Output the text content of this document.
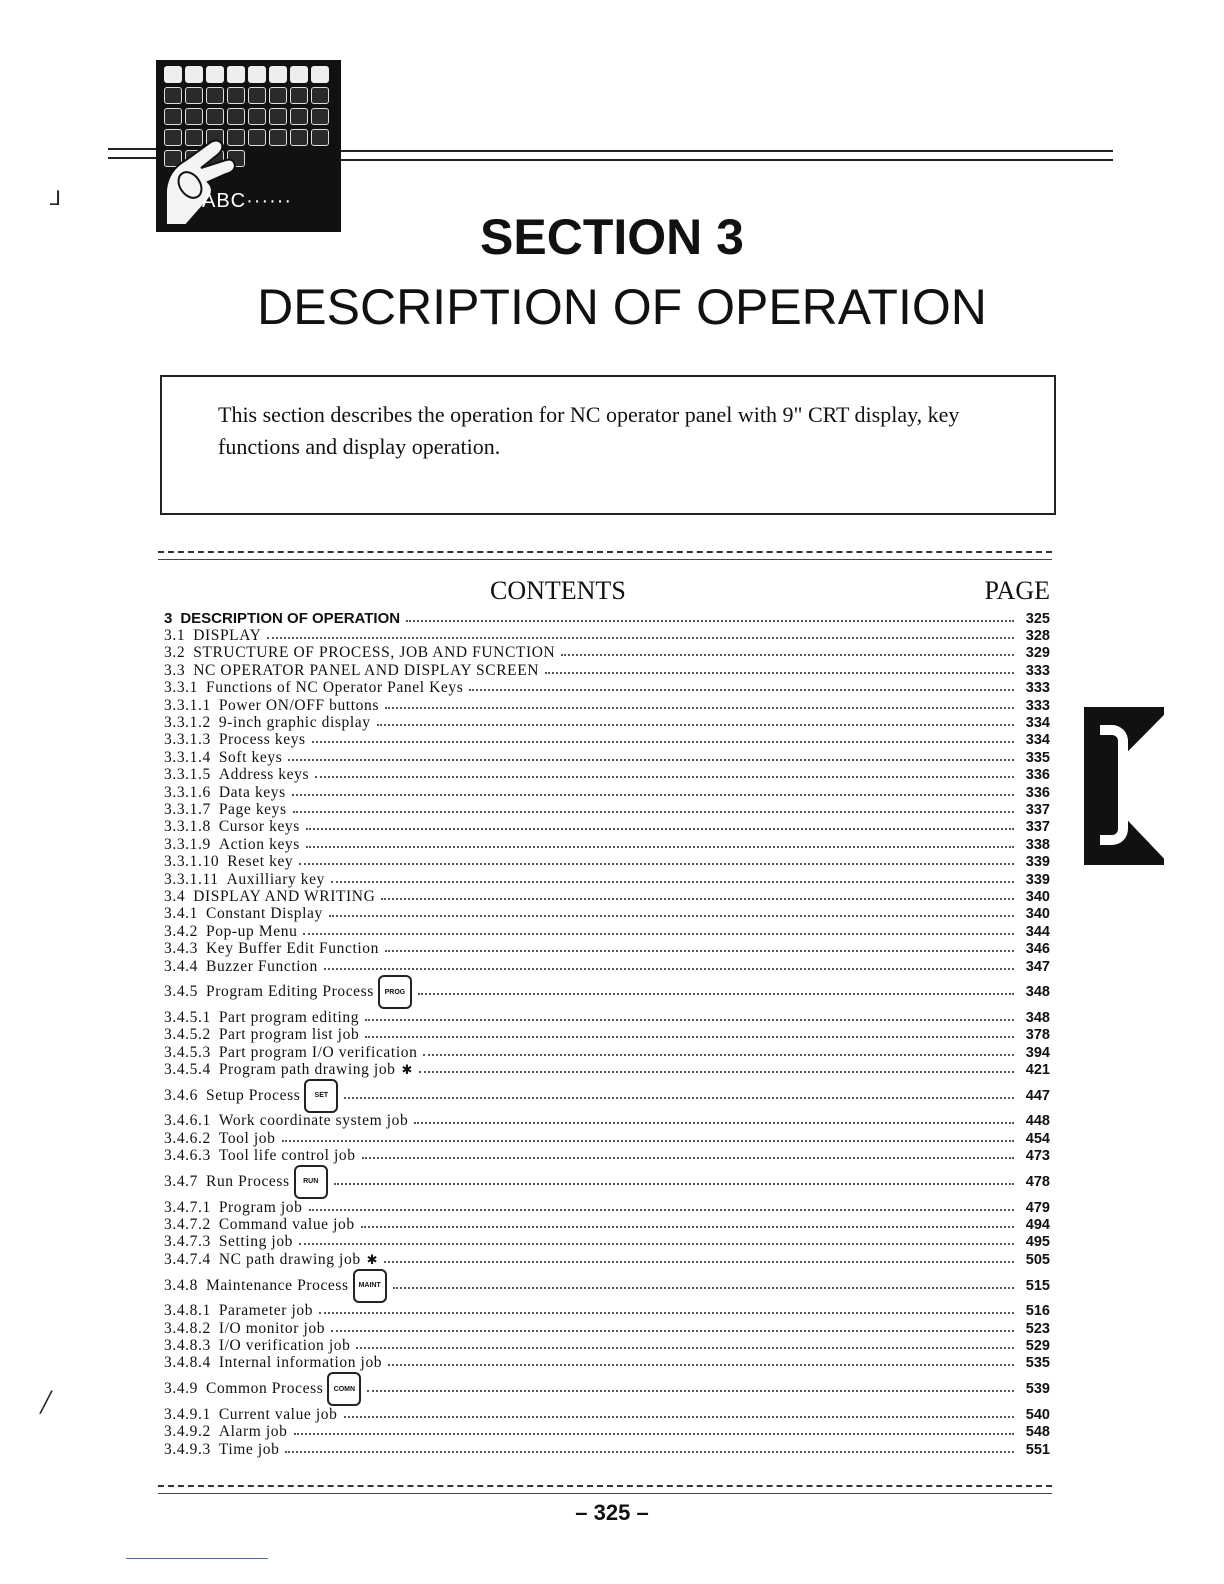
ABC······
SECTION 3
DESCRIPTION OF OPERATION

This section describes the operation for NC operator panel with 9" CRT display, key functions and display operation.

CONTENTS	PAGE
3 DESCRIPTION OF OPERATION	325
3.1 DISPLAY	328
3.2 STRUCTURE OF PROCESS, JOB AND FUNCTION	329
3.3 NC OPERATOR PANEL AND DISPLAY SCREEN	333
3.3.1 Functions of NC Operator Panel Keys	333
3.3.1.1 Power ON/OFF buttons	333
3.3.1.2 9-inch graphic display	334
3.3.1.3 Process keys	334
3.3.1.4 Soft keys	335
3.3.1.5 Address keys	336
3.3.1.6 Data keys	336
3.3.1.7 Page keys	337
3.3.1.8 Cursor keys	337
3.3.1.9 Action keys	338
3.3.1.10 Reset key	339
3.3.1.11 Auxilliary key	339
3.4 DISPLAY AND WRITING	340
3.4.1 Constant Display	340
3.4.2 Pop-up Menu	344
3.4.3 Key Buffer Edit Function	346
3.4.4 Buzzer Function	347
3.4.5 Program Editing Process	PROG	348
3.4.5.1 Part program editing	348
3.4.5.2 Part program list job	378
3.4.5.3 Part program I/O verification	394
3.4.5.4 Program path drawing job ✱	421
3.4.6 Setup Process	SET	447
3.4.6.1 Work coordinate system job	448
3.4.6.2 Tool job	454
3.4.6.3 Tool life control job	473
3.4.7 Run Process	RUN	478
3.4.7.1 Program job	479
3.4.7.2 Command value job	494
3.4.7.3 Setting job	495
3.4.7.4 NC path drawing job ✱	505
3.4.8 Maintenance Process	MAINT	515
3.4.8.1 Parameter job	516
3.4.8.2 I/O monitor job	523
3.4.8.3 I/O verification job	529
3.4.8.4 Internal information job	535
3.4.9 Common Process	COMN	539
3.4.9.1 Current value job	540
3.4.9.2 Alarm job	548
3.4.9.3 Time job	551
– 325 –
⅃
╱
